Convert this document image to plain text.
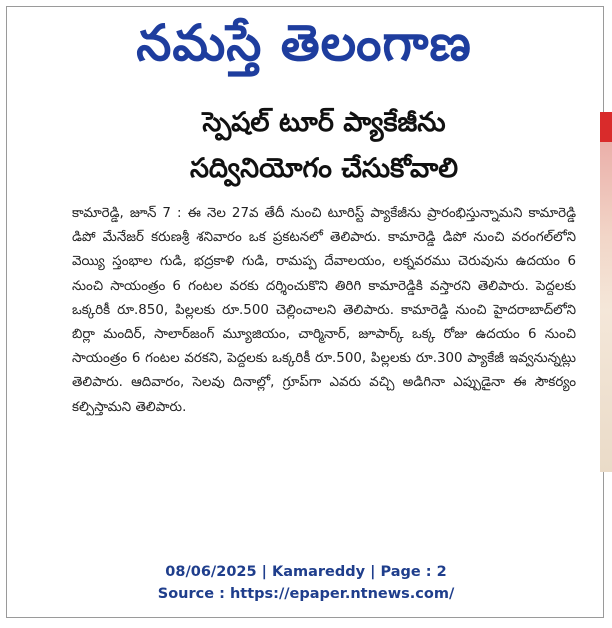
నమస్తే తెలంగాణ
స్పెషల్ టూర్ ప్యాకేజీను
సద్వినియోగం చేసుకోవాలి
కామారెడ్డి, జూన్ 7 : ఈ నెల 27వ తేదీ నుంచి టూరిస్ట్ ప్యాకేజీను ప్రారంభిస్తున్నామని కామారెడ్డి డిపో మేనేజర్ కరుణశ్రీ శనివారం ఒక ప్రకటనలో తెలిపారు. కామారెడ్డి డిపో నుంచి వరంగల్‌లోని వెయ్యి స్తంభాల గుడి, భద్రకాళి గుడి, రామప్ప దేవాలయం, లక్నవరము చెరువును ఉదయం 6 నుంచి సాయంత్రం 6 గంటల వరకు దర్శించుకొని తిరిగి కామారెడ్డికి వస్తారని తెలిపారు. పెద్దలకు ఒక్కరికీ రూ.850, పిల్లలకు రూ.500 చెల్లించాలని తెలిపారు. కామారెడ్డి నుంచి హైదరాబాద్‌లోని బిర్లా మందిర్, సాలార్‌జంగ్ మ్యూజియం, చార్మినార్, జూపార్క్ ఒక్క రోజు ఉదయం 6 నుంచి సాయంత్రం 6 గంటల వరకని, పెద్దలకు ఒక్కరికీ రూ.500, పిల్లలకు రూ.300 ప్యాకేజీ ఇవ్వనున్నట్లు తెలిపారు. ఆదివారం, సెలవు దినాల్లో, గ్రూప్‌గా ఎవరు వచ్చి అడిగినా ఎప్పుడైనా ఈ సౌకర్యం కల్పిస్తామని తెలిపారు.
08/06/2025 | Kamareddy | Page : 2
Source : https://epaper.ntnews.com/
